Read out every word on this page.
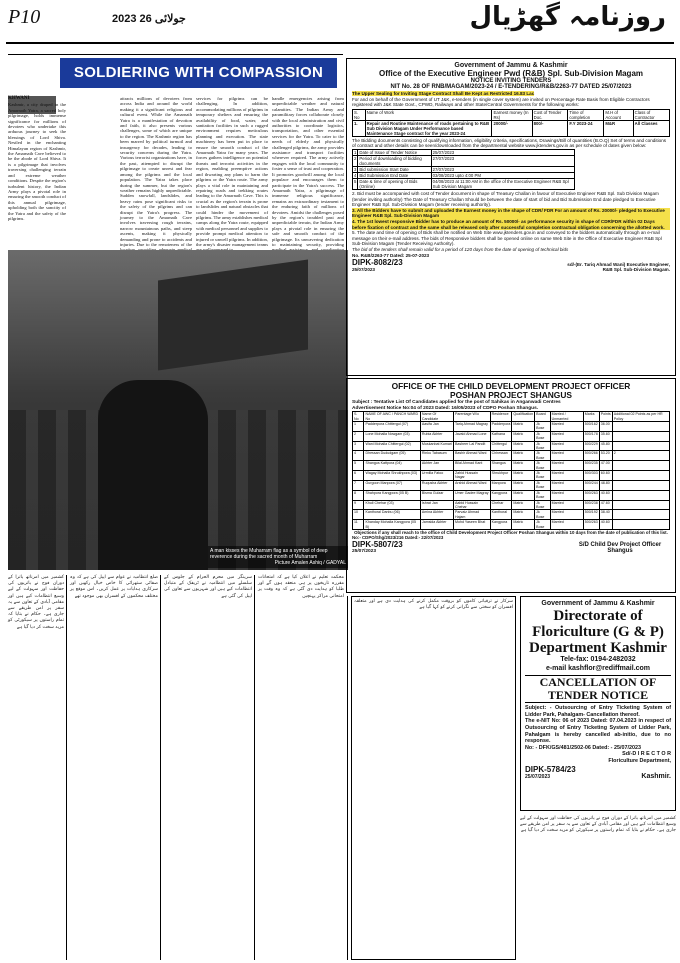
P10	2023 جولائی 26	روزنامہ گھڑیال
SOLDIERING WITH COMPASSION

KHWANI

Kashmir, a city draped in the Amarnath Yatra, a sacred holy pilgrimage, holds immense significance for millions of devotees who undertake this arduous journey to seek the blessings of Lord Shiva. Nestled in the enchanting Himalayan region of Kashmir, the Amarnath Cave believed to be the abode of Lord Shiva. It is a pilgrimage that involves traversing challenging terrain and extreme weather conditions. Despite the region's turbulent history, the Indian Army plays a pivotal role in ensuring the smooth conduct of this annual pilgrimage, upholding both the sanctity of the Yatra and the safety of the pilgrims.

attracts millions of devotees from across India and around the world making it a significant religious and cultural event. While the Amarnath Yatra is a manifestation of devotion and faith, it also presents various challenges, some of which are unique to the region. The Kashmir region has been marred by political turmoil and insurgency for decades, leading to security concerns during the Yatra. Various terrorist organizations have, in the past, attempted to disrupt the pilgrimage to create unrest and fear among the pilgrims and the local population. The Yatra takes place during the summer, but the region's weather remains highly unpredictable. Sudden snowfall, landslides, and heavy rains pose significant risks to the safety of the pilgrims and can disrupt the Yatra's progress. The journey to the Amarnath Cave involves traversing rough terrains, narrow mountainous paths, and steep ascents, making it physically demanding and prone to accidents and injuries. Due to the remoteness of the

services for pilgrims can be challenging. In addition, accommodating millions of pilgrims in temporary shelters and ensuring the availability of food, water, and sanitation facilities in such a rugged environment requires meticulous planning and execution. The state machinery has been put in place to ensure the smooth conduct of the Amarnath Yatra for many years. The forces gathers intelligence on potential threats and terrorist activities in the region, enabling preemptive actions and thwarting any plans to harm the pilgrims or the Yatra route. The army plays a vital role in maintaining and repairing roads and trekking routes leading to the Amarnath Cave. This is crucial as the region's terrain is prone to landslides and natural obstacles that could hinder the movement of pilgrims. The army establishes medical camps along the Yatra route, equipped with medical personnel and supplies to provide prompt medical attention to injured or unwell pilgrims. In addition, the army's disaster management teams

handle emergencies arising from unpredictable weather and natural calamities. The Indian Army and paramilitary forces collaborate closely with the local administration and civil authorities to coordinate logistics, transportation, and other essential services for the Yatra. To cater to the needs of elderly and physically challenged pilgrims, the army provides assistance and transport facilities wherever required. The army actively engages with the local community to foster a sense of trust and cooperation. It promotes goodwill among the local populace and encourages them to participate in the Yatra's success. The Amarnath Yatra, a pilgrimage of immense religious significance, remains an extraordinary testament to the enduring faith of millions of devotees. Amidst the challenges posed by the region's troubled past and unpredictable terrain, the Indian Army plays a pivotal role in ensuring the safe and smooth conduct of the pilgrimage. Its unwavering dedication to maintaining security, providing

A man kisses the Muharram flag as a symbol of deep reverence during the sacred month of Muharram
Picture Amalen Ashiq / GADYAL
کشمیر میں امرناتھ یاترا کے دوران فوج نے یاتریوں کی حفاظت اور سہولت کے لیے وسیع انتظامات کیے ہیں اور مقامی آبادی کے تعاون سے یہ سفر پر امن طریقے سے جاری ہے۔ حکام نے بتایا کہ تمام راستوں پر سیکورٹی کو مزید سخت کر دیا گیا ہے
ضلع انتظامیہ نے عوام سے اپیل کی ہے کہ وہ صفائی ستھرائی کا خاص خیال رکھیں اور سرکاری ہدایات پر عمل کریں۔ اس موقع پر مختلف محکموں کے افسران بھی موجود تھے
سرینگر میں محرم الحرام کے جلوس کے سلسلے میں انتظامیہ نے ٹریفک کے متبادل انتظامات کیے ہیں اور شہریوں سے تعاون کی اپیل کی گئی ہے
محکمہ تعلیم نے اعلان کیا ہے کہ امتحانات مقررہ تاریخوں پر ہی منعقد ہوں گے اور طلبا کو ہدایت دی گئی ہے کہ وہ وقت پر امتحانی مراکز پہنچیں
سرکار نے ترقیاتی کاموں کو بروقت مکمل کرنے کی ہدایت دی ہے اور متعلقہ افسران کو سختی سے نگرانی کرنے کو کہا گیا ہے
کشمیر میں امرناتھ یاترا کے دوران فوج نے یاتریوں کی حفاظت اور سہولت کے لیے وسیع انتظامات کیے ہیں اور مقامی آبادی کے تعاون سے یہ سفر پر امن طریقے سے جاری ہے۔ حکام نے بتایا کہ تمام راستوں پر سیکورٹی کو مزید سخت کر دیا گیا ہے
Government of Jammu & Kashmir
Office of the Executive Engineer Pwd (R&B) Spl. Sub-Division Magam
NOTICE INVITING TENDERS
NIT No. 28 OF RNB/MAGAM/2023-24 / E-TENDERING/R&B/2263-77 DATED 25/07/2023
The Upper Sealing for Inviting Stage Contract Shall Be Kept as Restricted 16.83 Lac
For and on behalf of the Government of UT J&K, e-tenders (in single cover system) are invited on Percentage Rate Basis from Eligible Contractors registered with J&K State Govt., CPWD, Railways and other State/Central Governments for the following works:
S. No	Name of Work	Earnest money (In Rs)	Cost of Tender Doc.	Time of completion	M.H of Account	Class of Contractor
1.	Repair and Routine Maintenance of roads pertaining to R&B Sub Division Magam Under Performance based Maintenance Stage contract for the year 2023-24	20000/-	800/-	F.Y 2023-24	M&R	All Classes
The Bidding documents consisting of qualifying information, eligibility criteria, specifications, Drawings/Bill of quantities (B.O.Q) Set of terms and conditions of contract and other details can be seen/downloaded from the departmental website www.jktenders.gov.in as per schedule of dates given below:
1	Date of Issue of Tender Notice	25/07/2023
2	Period of downloading of bidding documents	27/07/2023
3	Bid submission Start Date	27/07/2023
4	Bid Submission End Date	03/08/2023 upto 4:00 PM
5	Date & time of opening of Bids (Online)	04/08/2023 at 11:00 AM in the office of the Executive Engineer R&B Spl Sub Division Magam
2. Bid must be accompanied with cost of Tender document in shape of Treasury Challan in favour of Executive Engineer R&B Spl. Sub Division Magam (tender inviting authority) The Date of Treasury Challan Should be between the date of start of bid and Bid Submission End date pledged to Executive Engineer R&B Spl. Sub-Division Magam (tender receiving authority).
3. All the Bidders have to submit and uploaded the Earnest money in the shape of CDR/ FDR For an amount of Rs. 20000/- pledged to Executive Engineer R&B Spl. Sub-Division Magam
4. The 1st lowest responsive Bidder has to produce an amount of Rs. 50000/- as performance security in shape of CDR/FDR within 02 Days before fixation of contract and the same shall be released only after successful completion contractual obligation concerning the allotted work.
5. The date and time of opening of Bids shall be notified on Web Site www.jktenders.gov.in and conveyed to the bidders automatically through an e-mail message on their e-mail address. The bids of Responsive bidders shall be opened online on same Web Site in the Office of Executive Engineer R&B Spl Sub-Division Magam (Tender Receiving Authority).
The bid of the tenders shall remain valid for a period of 120 days from the date of opening of technical bids
No. R&B/2263-77 Dated: 25-07-2023
DIPK-8082/23
25/07/2023
sd/-(Er. Tariq Ahmad Wani) Executive Engineer, R&B Spl. Sub-Division Magam.
OFFICE OF THE CHILD DEVELOPMENT PROJECT OFFICER
POSHAN PROJECT SHANGUS
Subject : Tentative List Of Candidates applied for the post of Sahikas in Anganwadi Centres
Advertisement Notice No:04 of 2023 Dated: 16/05/2023 of CDPO Poshan Shangus.
S. No	NAME OF AWC / PANCH WARD No	Name Of Candidate	Parentage W/o	Residence	Qualification	Board	Married / Unmarried	Marks	Points	Additional 02 Points as per HR Policy
1	Padderpora Chittergul (07)	Aasifa Jan	Tariq Ahmad Magray	Padderpora	Matric	Jk Bose	Married	500/162	36.00	
2	Lone Mohalla Nowgam (03)	Rubia Akhter	Javaid Ahmad Lone	Kathana	Matric	Jk Bose	Married	500/178	35.60	
3	Wani Mohalla Chittergul (02)	Muskanbat Kumari	Basheer Lal Pandit	Chittergul	Matric	Jk Bose	Married	500/229	45.80	
4	Dhessan Dududgam (05)	Rinku Tabasum	Bashir Ahmad Wani	Chhessan	Matric	Jk Bose	Married	500/266	53.20	2
5	Shangus Kattpora (04)	Akhter Jan	Bilal Ahmad Kant	Shangus	Matric	Jk Bose	Married	500/235	47.00	
6	Wagay Mohalla Shrukhpora (03)	Urmilla Fatoo	Zahid Hussain Nagar	Shrukhpur	Matric	Jk Bose	Married	500/303	60.60	
7	Gurgoon Manpora (07)	Ruqusha Akhter	Arshid Ahmad Wani	Manpora	Matric	Jk Bose	Married	500/244	48.80	
8	Shahpora Kangpora (05 B)	Bisma Gulzar	Umer Gadee Magray	Kangpora	Matric	Jk Bose	Married	500/263	40.60	
9	Khull Chehar (03)	Ishrat Jan	Aabid Hussain Chehar	Chehar	Matric	Jk Bose	Married	500/238	47.60	
10	Kanthoral Danbu (06)	Amina Akhter	Parvaiz Ahmad Hajam	Kanthoral	Matric	Jk Bose	Married	500/192	38.40	
11	Khanday Mohalla Kangpora (05 B)	Jamsida Akhter	Mohd Yaseen Bhat	Kangpora	Matric	Jk Bose	Married	500/263	40.60	
Objections if any shall reach to the office of Child Development Project Officer Poshan Shangus within 10 days from the date of publication of this list.
No:- CDPO/Shg/2023/216 Dated:- 22/07/2023
DIPK-5807/23
25/07/2023
S/D Child Dev Project Officer Shangus
Government of Jammu & Kashmir
Directorate of
Floriculture (G & P)
Department Kashmir
Tele-fax: 0194-2482032
e-mail kashflor@rediffmail.com
CANCELLATION OF
TENDER NOTICE
Subject: - Outsourcing of Entry Ticketing System of Lidder Park, Pahalgam- Cancellation thereof.
The e-NIT No: 06 of 2023 Dated: 07.04.2023 in respect of Outsourcing of Entry Ticketing System of Lidder Park, Pahalgam is hereby cancelled ab-initio, due to no response.
No: - DFK/GS/481/2502-06 Dated: - 25/07/2023
Sd/-D I R E C T O R
Floriculture Department,
DIPK-5784/23
25/07/2023	Kashmir.
